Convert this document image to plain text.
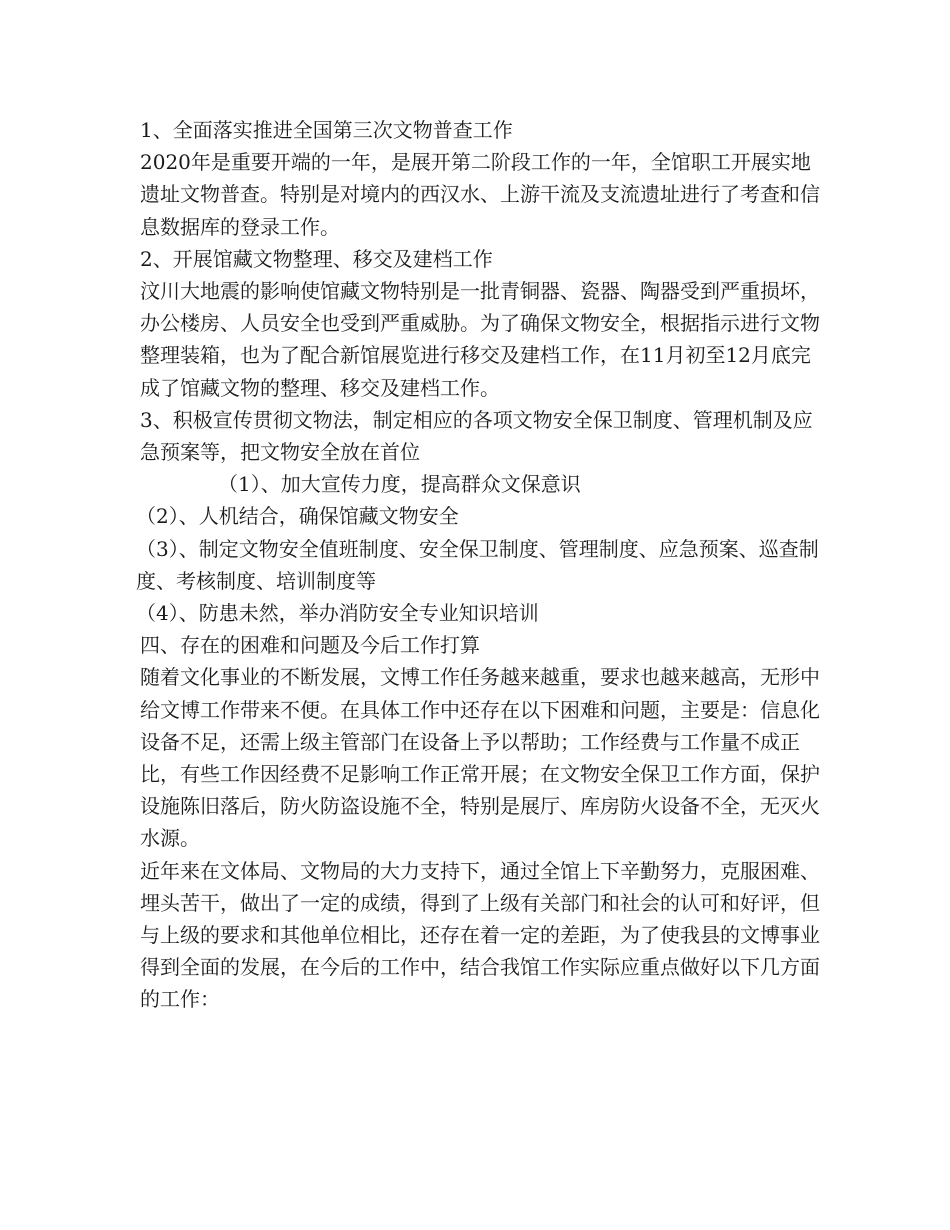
1、全面落实推进全国第三次文物普查工作

2020年是重要开端的一年，是展开第二阶段工作的一年，全馆职工开展实地遗址文物普查。特别是对境内的西汉水、上游干流及支流遗址进行了考查和信息数据库的登录工作。

2、开展馆藏文物整理、移交及建档工作

汶川大地震的影响使馆藏文物特别是一批青铜器、瓷器、陶器受到严重损坏，办公楼房、人员安全也受到严重威胁。为了确保文物安全，根据指示进行文物整理装箱，也为了配合新馆展览进行移交及建档工作，在11月初至12月底完成了馆藏文物的整理、移交及建档工作。

3、积极宣传贯彻文物法，制定相应的各项文物安全保卫制度、管理机制及应急预案等，把文物安全放在首位

（1）、加大宣传力度，提高群众文保意识

（2）、人机结合，确保馆藏文物安全

（3）、制定文物安全值班制度、安全保卫制度、管理制度、应急预案、巡查制度、考核制度、培训制度等

（4）、防患未然，举办消防安全专业知识培训

四、存在的困难和问题及今后工作打算

随着文化事业的不断发展，文博工作任务越来越重，要求也越来越高，无形中给文博工作带来不便。在具体工作中还存在以下困难和问题，主要是：信息化设备不足，还需上级主管部门在设备上予以帮助；工作经费与工作量不成正比，有些工作因经费不足影响工作正常开展；在文物安全保卫工作方面，保护设施陈旧落后，防火防盗设施不全，特别是展厅、库房防火设备不全，无灭火水源。

近年来在文体局、文物局的大力支持下，通过全馆上下辛勤努力，克服困难、埋头苦干，做出了一定的成绩，得到了上级有关部门和社会的认可和好评，但与上级的要求和其他单位相比，还存在着一定的差距，为了使我县的文博事业得到全面的发展，在今后的工作中，结合我馆工作实际应重点做好以下几方面的工作：
